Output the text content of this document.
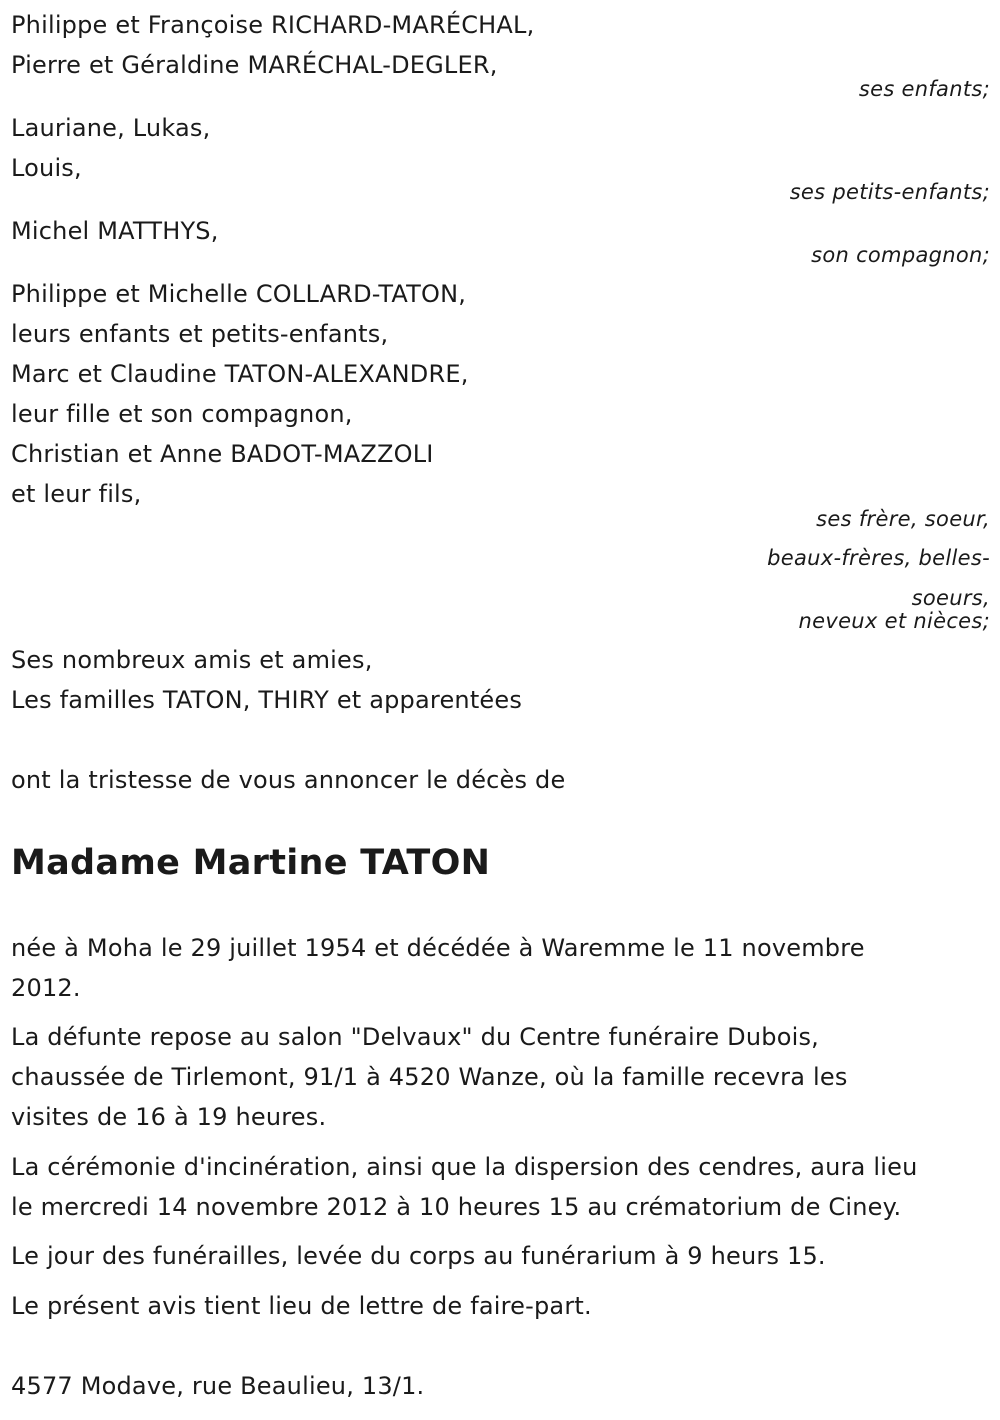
Philippe et Françoise RICHARD-MARÉCHAL,
Pierre et Géraldine MARÉCHAL-DEGLER,
ses enfants;
Lauriane, Lukas,
Louis,
ses petits-enfants;
Michel MATTHYS,
son compagnon;
Philippe et Michelle COLLARD-TATON,
leurs enfants et petits-enfants,
Marc et Claudine TATON-ALEXANDRE,
leur fille et son compagnon,
Christian et Anne BADOT-MAZZOLI
et leur fils,
ses frère, soeur,
beaux-frères, belles-
soeurs,
neveux et nièces;
Ses nombreux amis et amies,
Les familles TATON, THIRY et apparentées
ont la tristesse de vous annoncer le décès de
Madame Martine TATON
née à Moha le 29 juillet 1954 et décédée à Waremme le 11 novembre
2012.
La défunte repose au salon "Delvaux" du Centre funéraire Dubois,
chaussée de Tirlemont, 91/1 à 4520 Wanze, où la famille recevra les
visites de 16 à 19 heures.
La cérémonie d'incinération, ainsi que la dispersion des cendres, aura lieu
le mercredi 14 novembre 2012 à 10 heures 15 au crématorium de Ciney.
Le jour des funérailles, levée du corps au funérarium à 9 heurs 15.
Le présent avis tient lieu de lettre de faire-part.
4577 Modave, rue Beaulieu, 13/1.
